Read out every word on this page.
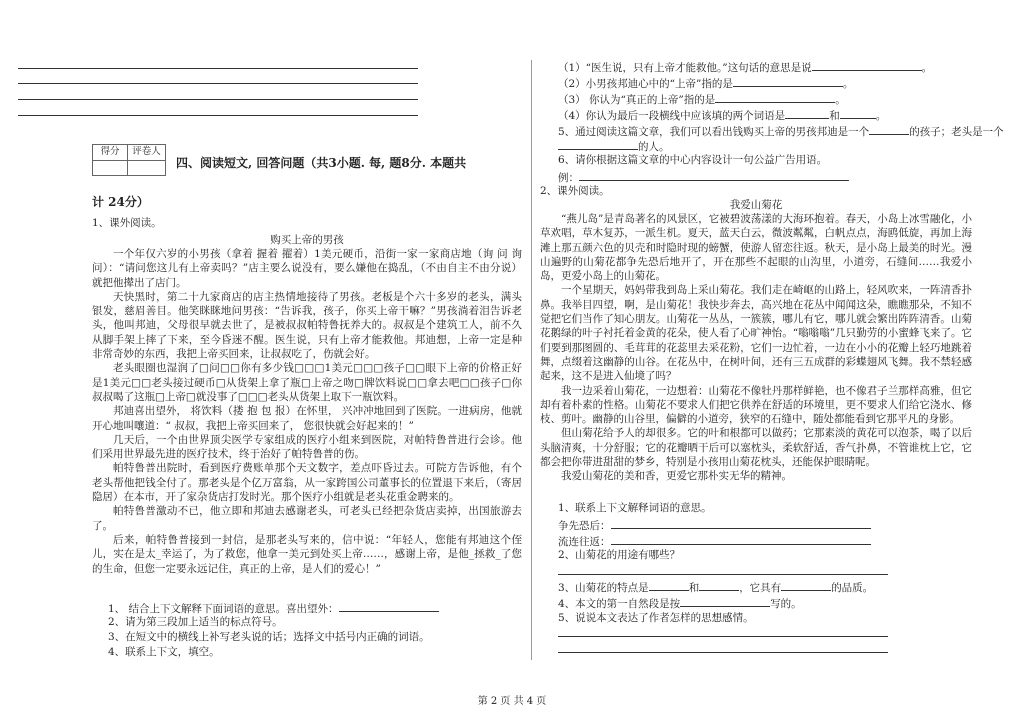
得分	评卷人
四、阅读短文, 回答问题（共3小题. 每, 题8分. 本题共
计 24分）
1、课外阅读。
购买上帝的男孩
一个年仅六岁的小男孩（拿着 握着 擢着）1美元硬币，沿街一家一家商店地（询 问 询问）：“请问您这儿有上帝卖吗？”店主要么说没有，要么嫌他在捣乱，（不由自主不由分说）就把他撵出了店门。
天快黑时，第二十九家商店的店主热情地接待了男孩。老板是个六十多岁的老头，满头银发，慈眉善目。他笑眯眯地问男孩：“告诉我，孩子，你买上帝干嘛？”男孩淌着泪告诉老头，他叫邦迪，父母很早就去世了，是被叔叔帕特鲁抚养大的。叔叔是个建筑工人，前不久从脚手架上摔了下来，至今昏迷不醒。医生说，只有上帝才能救他。邦迪想，上帝一定是种非常奇妙的东西，我把上帝买回来，让叔叔吃了，伤就会好。
老头眼圈也湿润了□问□□你有多少钱□□□1美元□□□孩子□□眼下上帝的价格正好是1美元□□老头接过硬币□从货架上拿了瓶□上帝之吻□牌饮料说□□拿去吧□□孩子□你叔叔喝了这瓶□上帝□就没事了□□□老头从货架上取下一瓶饮料。
邦迪喜出望外， 将饮料（搂 抱 包 报）在怀里， 兴冲冲地回到了医院。一进病房，他就开心地叫嚷道：“ 叔叔，我把上帝买回来了， 您很快就会好起来的！”
几天后，一个由世界顶尖医学专家组成的医疗小组来到医院，对帕特鲁普进行会诊。他们采用世界最先进的医疗技术，终于治好了帕特鲁普的伤。
帕特鲁普出院时，看到医疗费账单那个天文数字，差点吓昏过去。可院方告诉他，有个老头帮他把钱全付了。那老头是个亿万富翁，从一家跨国公司董事长的位置退下来后，（寄居 隐居）在本市，开了家杂货店打发时光。那个医疗小组就是老头花重金聘来的。
帕特鲁普激动不已，他立即和邦迪去感谢老头，可老头已经把杂货店卖掉，出国旅游去了。
后来，帕特鲁普接到一封信，是那老头写来的，信中说：“年轻人，您能有邦迪这个侄儿，实在是太_幸运了，为了救您，他拿一美元到处买上帝……，感谢上帝，是他_拯救_了您的生命，但您一定要永远记住，真正的上帝，是人们的爱心！”
1、 结合上下文解释下面词语的意思。喜出望外：
2、请为第三段加上适当的标点符号。
3、在短文中的横线上补写老头说的话；选择文中括号内正确的词语。
4、联系上下文，填空。
（1）“医生说，只有上帝才能救他。”这句话的意思是说	。
（2）小男孩邦迪心中的“上帝”指的是	。
（3） 你认为“真正的上帝”指的是	。
（4）你认为最后一段横线中应该填的两个词语是	和	。
5、通过阅读这篇文章，我们可以看出钱购买上帝的男孩邦迪是一个	的孩子；老头是一个
的人。
6、请你根据这篇文章的中心内容设计一句公益广告用语。
例：
2、课外阅读。
我爱山菊花
“燕儿岛”是青岛著名的风景区，它被碧波荡漾的大海环抱着。春天，小岛上冰雪融化，小草欢唱，草木复苏，一派生机。夏天，蓝天白云，微波粼粼，白帆点点，海鸥低旋，再加上海滩上那五颜六色的贝壳和时隐时现的螃蟹，使游人留恋往返。秋天，是小岛上最美的时光。漫山遍野的山菊花都争先恐后地开了，开在那些不起眼的山沟里，小道旁，石缝间……我爱小岛，更爱小岛上的山菊花。
一个星期天，妈妈带我到岛上采山菊花。我们走在崎岖的山路上，轻风吹来，一阵清香扑鼻。我举目四望，啊，是山菊花！我快步奔去，高兴地在花丛中闻闻这朵，瞧瞧那朵，不知不觉把它们当作了知心朋友。山菊花一丛丛，一簇簇，哪儿有它，哪儿就会繁出阵阵清香。山菊花鹅绿的叶子衬托着金黄的花朵，使人看了心旷神怡。“嗡嗡嗡”几只勤劳的小蜜蜂飞来了。它们要到那图圆的、毛茸茸的花蕊里去采花粉，它们一边忙着，一边在小小的花瓣上轻巧地跳着舞，点缀着这幽静的山谷。在花丛中，在树叶间，还有三五成群的彩蝶翅风飞舞。我不禁轻感起来，这不是进入仙境了吗？
我一边采着山菊花，一边想着：山菊花不像牡丹那样鲜艳，也不像君子兰那样高雅，但它却有着朴素的性格。山菊花不要求人们把它供养在舒适的环境里，更不要求人们给它浇水、修枝、剪叶。幽静的山谷里，偏僻的小道旁，狭窄的石缝中，随处都能看到它那平凡的身影。
但山菊花给予人的却很多。它的叶和根都可以做药；它那素淡的黄花可以泡茶，喝了以后头脑清爽，十分舒服；它的花瓣晒干后可以塞枕头，柔软舒适，香气扑鼻，不管谁枕上它，它都会把你带进甜甜的梦乡，特别是小孩用山菊花枕头，还能保护眼睛呢。
我爱山菊花的美和香，更爱它那朴实无华的精神。
1、联系上下文解释词语的意思。
争先恐后：
流连往返：
2、山菊花的用途有哪些？
3、山菊花的特点是	和	，它具有	的品质。
4、本文的第一自然段是按	写的。
5、说说本文表达了作者怎样的思想感情。
第 2 页 共 4 页
